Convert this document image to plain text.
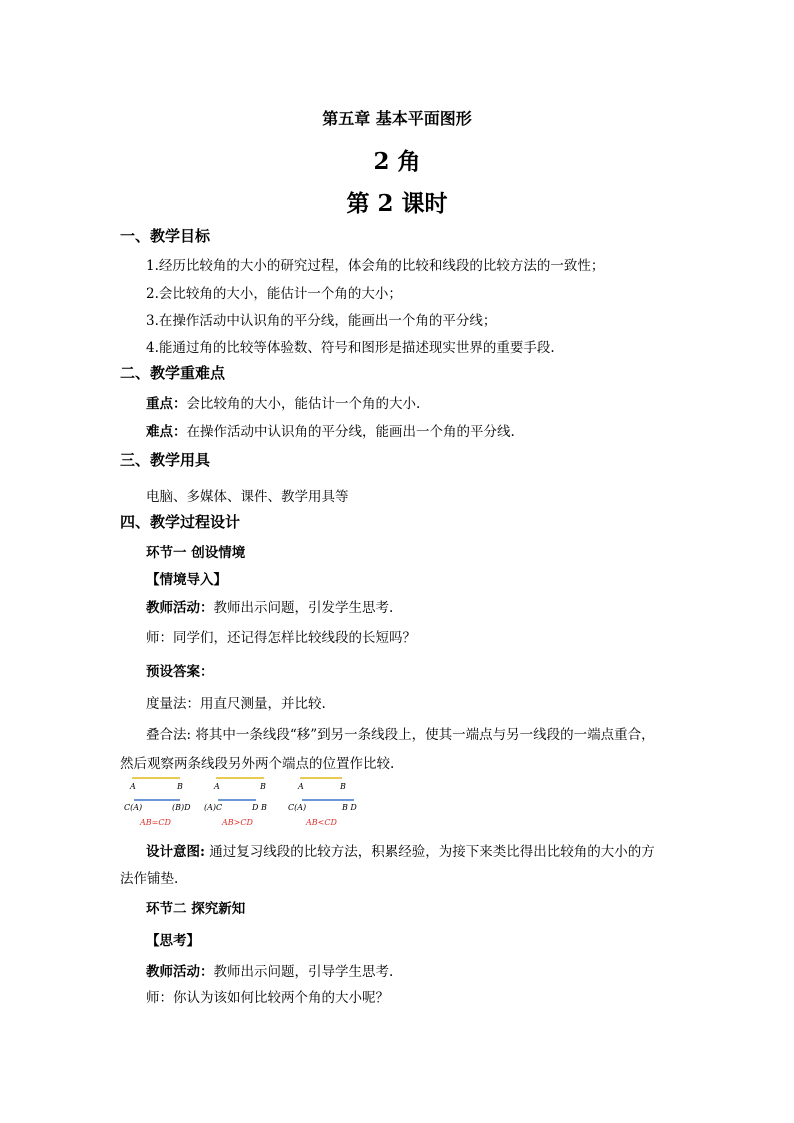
第五章 基本平面图形
2 角
第 2 课时
一、教学目标
1.经历比较角的大小的研究过程，体会角的比较和线段的比较方法的一致性；
2.会比较角的大小，能估计一个角的大小；
3.在操作活动中认识角的平分线，能画出一个角的平分线；
4.能通过角的比较等体验数、符号和图形是描述现实世界的重要手段.
二、教学重难点
重点：会比较角的大小，能估计一个角的大小.
难点：在操作活动中认识角的平分线，能画出一个角的平分线.
三、教学用具
电脑、多媒体、课件、教学用具等
四、教学过程设计
环节一 创设情境
【情境导入】
教师活动：教师出示问题，引发学生思考.
师：同学们，还记得怎样比较线段的长短吗？
预设答案：
度量法：用直尺测量，并比较.
叠合法: 将其中一条线段“移”到另一条线段上，使其一端点与另一线段的一端点重合，
然后观察两条线段另外两个端点的位置作比较.
A	B
C(A)	(B)D
AB=CD
A	B
(A)C	D B
AB>CD
A	B
C(A)	B D
AB<CD
设计意图: 通过复习线段的比较方法，积累经验，为接下来类比得出比较角的大小的方
法作铺垫.
环节二 探究新知
【思考】
教师活动：教师出示问题，引导学生思考.
师：你认为该如何比较两个角的大小呢？
